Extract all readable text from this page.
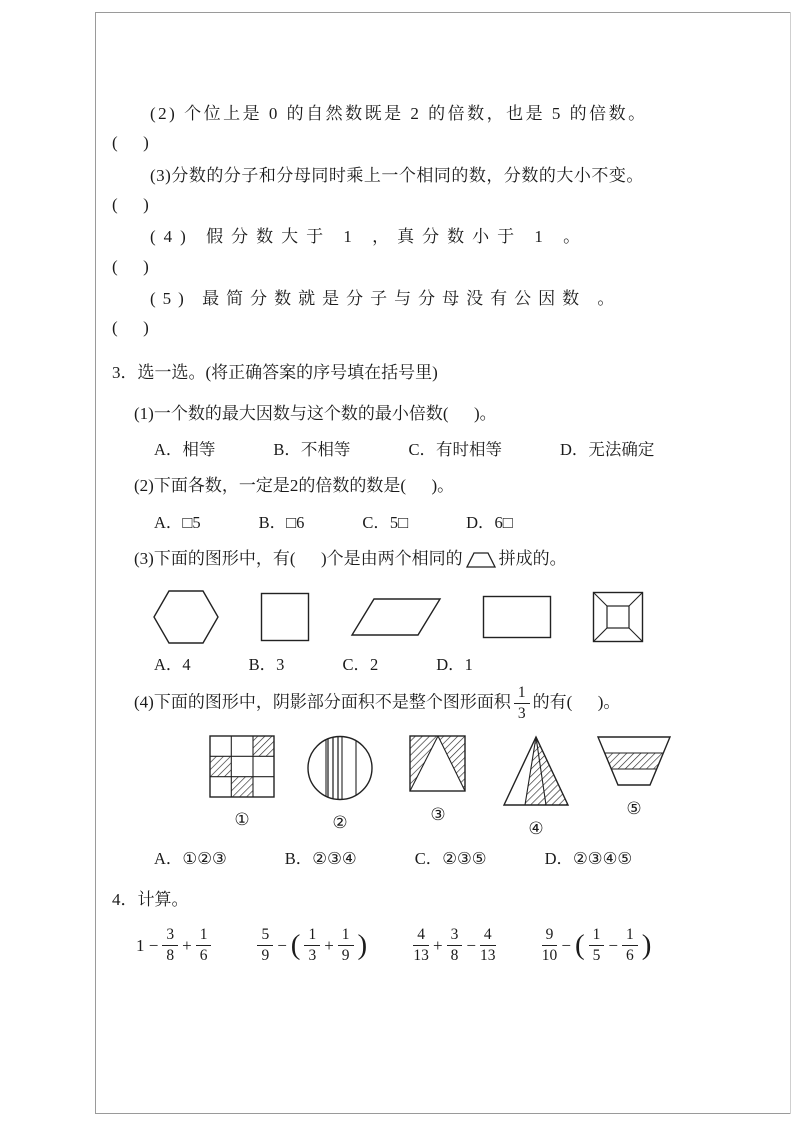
(2) 个位上是 0 的自然数既是 2 的倍数，也是 5 的倍数。
(      )
(3)分数的分子和分母同时乘上一个相同的数，分数的大小不变。
(      )
(4) 假分数大于 1 ，真分数小于 1 。
(      )
(5) 最简分数就是分子与分母没有公因数 。
(      )
3．选一选。(将正确答案的序号填在括号里)
(1)一个数的最大因数与这个数的最小倍数(      )。
A．相等	B．不相等	C．有时相等	D．无法确定
(2)下面各数，一定是2的倍数的数是(      )。
A．□5	B．□6	C．5□	D．6□
(3)下面的图形中，有(      )个是由两个相同的 拼成的。
A．4	B．3	C．2	D．1
(4)下面的图形中，阴影部分面积不是整个图形面积 $\frac{1}{3}$ 的有(      )。
①	②	③
④
⑤
A．①②③	B．②③④	C．②③⑤	D．②③④⑤
4．计算。
$1 - \frac{3}{8} + \frac{1}{6}$	$\frac{5}{9}$ − ( $\frac{1}{3} + \frac{1}{9}$ )	$\frac{4}{13} + \frac{3}{8} - \frac{4}{13}$	$\frac{9}{10}$ − ( $\frac{1}{5} - \frac{1}{6}$ )
